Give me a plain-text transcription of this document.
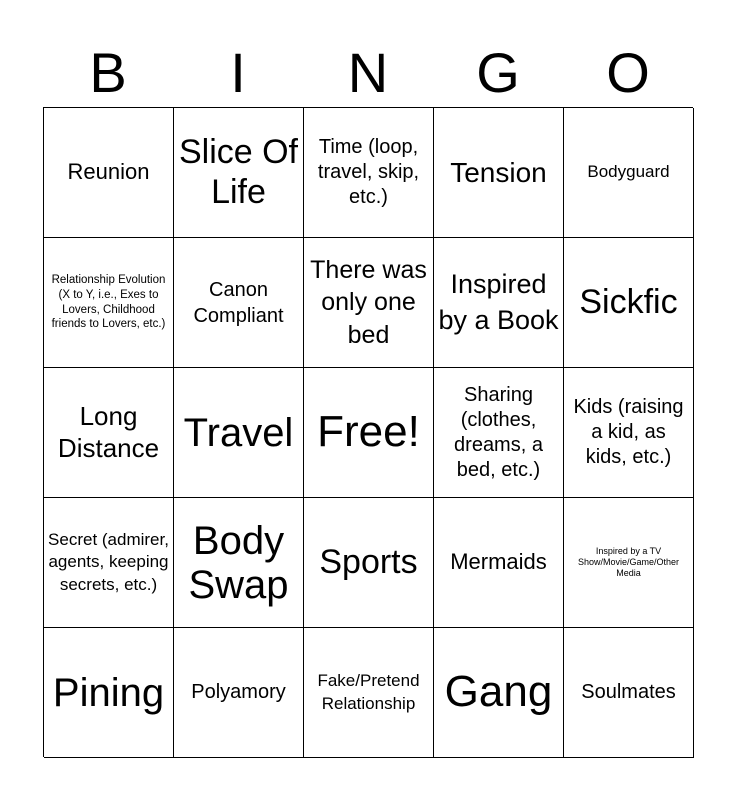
B	I	N	G	O
Reunion
Slice Of Life
Time (loop, travel, skip, etc.)
Tension Bodyguard
Relationship Evolution (X to Y, i.e., Exes to Lovers, Childhood friends to Lovers, etc.)
Canon Compliant
There was only one bed
Inspired by a Book Sickfic
Long Distance Travel Free!
Sharing (clothes, dreams, a bed, etc.)
Kids (raising a kid, as kids, etc.)
Secret (admirer, agents, keeping secrets, etc.)
Body Swap
Sports Mermaids	Inspired by a TV Show/Movie/Game/Other Media
Pining Polyamory
Fake/Pretend Relationship Gang Soulmates
